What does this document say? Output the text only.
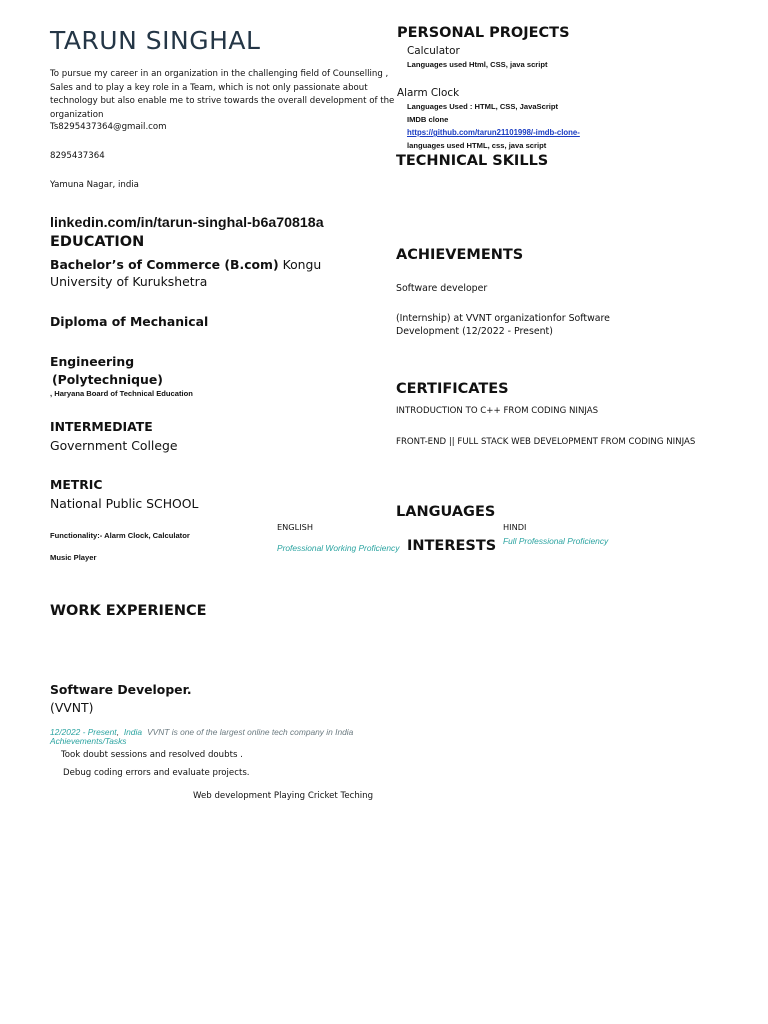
TARUN SINGHAL
To pursue my career in an organization in the challenging field of Counselling , Sales and to play a key role in a Team, which is not only passionate about technology but also enable me to strive towards the overall development of the organization
Ts8295437364@gmail.com
8295437364
Yamuna Nagar, india
linkedin.com/in/tarun-singhal-b6a70818a
EDUCATION
Bachelor’s of Commerce (B.com) Kongu
University of Kurukshetra
Diploma of Mechanical
Engineering
(Polytechnique)
, Haryana Board of Technical Education
INTERMEDIATE
Government College
METRIC
National Public SCHOOL
Functionality:- Alarm Clock, Calculator
Music Player
WORK EXPERIENCE
Software Developer.
(VVNT)
12/2022 - Present, India VVNT is one of the largest online tech company in India
Achievements/Tasks
Took doubt sessions and resolved doubts .
Debug coding errors and evaluate projects.
Web development Playing Cricket Teching
PERSONAL PROJECTS
Calculator
Languages used Html, CSS, java script
Alarm Clock
Languages Used : HTML, CSS, JavaScript
IMDB clone
https://github.com/tarun21101998/-imdb-clone-
languages used HTML, css, java script
TECHNICAL SKILLS
ACHIEVEMENTS
Software developer
(Internship) at VVNT organizationfor Software Development (12/2022 - Present)
CERTIFICATES
INTRODUCTION TO C++ FROM CODING NINJAS
FRONT-END || FULL STACK WEB DEVELOPMENT FROM CODING NINJAS
LANGUAGES
ENGLISH
Professional Working Proficiency
HINDI
Full Professional Proficiency
INTERESTS
